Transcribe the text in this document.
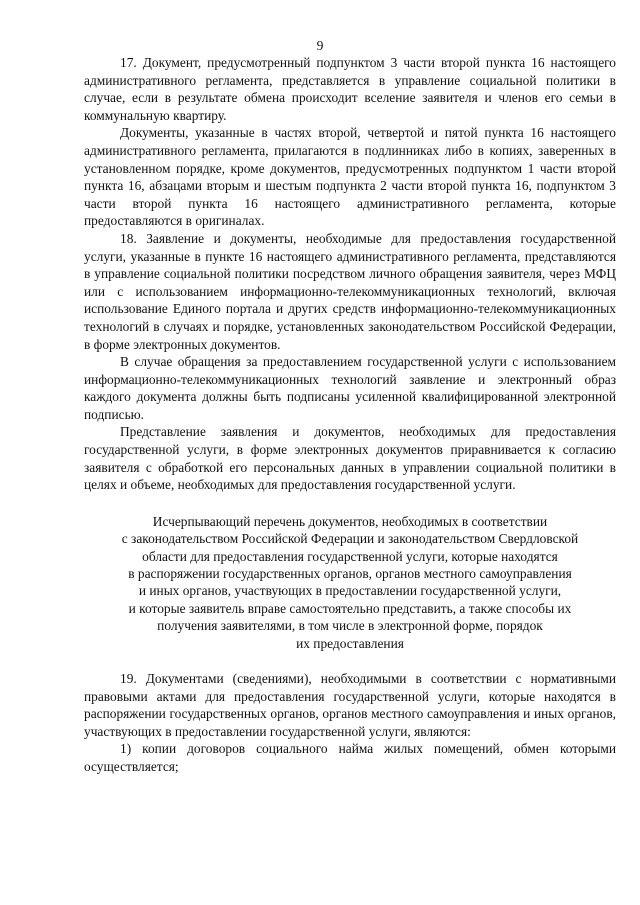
9

17. Документ, предусмотренный подпунктом 3 части второй пункта 16 настоящего административного регламента, представляется в управление социальной политики в случае, если в результате обмена происходит вселение заявителя и членов его семьи в коммунальную квартиру.

Документы, указанные в частях второй, четвертой и пятой пункта 16 настоящего административного регламента, прилагаются в подлинниках либо в копиях, заверенных в установленном порядке, кроме документов, предусмотренных подпунктом 1 части второй пункта 16, абзацами вторым и шестым подпункта 2 части второй пункта 16, подпунктом 3 части второй пункта 16 настоящего административного регламента, которые предоставляются в оригиналах.

18. Заявление и документы, необходимые для предоставления государственной услуги, указанные в пункте 16 настоящего административного регламента, представляются в управление социальной политики посредством личного обращения заявителя, через МФЦ или с использованием информационно-телекоммуникационных технологий, включая использование Единого портала и других средств информационно-телекоммуникационных технологий в случаях и порядке, установленных законодательством Российской Федерации, в форме электронных документов.

В случае обращения за предоставлением государственной услуги с использованием информационно-телекоммуникационных технологий заявление и электронный образ каждого документа должны быть подписаны усиленной квалифицированной электронной подписью.

Представление заявления и документов, необходимых для предоставления государственной услуги, в форме электронных документов приравнивается к согласию заявителя с обработкой его персональных данных в управлении социальной политики в целях и объеме, необходимых для предоставления государственной услуги.

Исчерпывающий перечень документов, необходимых в соответствии
с законодательством Российской Федерации и законодательством Свердловской
области для предоставления государственной услуги, которые находятся
в распоряжении государственных органов, органов местного самоуправления
и иных органов, участвующих в предоставлении государственной услуги,
и которые заявитель вправе самостоятельно представить, а также способы их
получения заявителями, в том числе в электронной форме, порядок
их предоставления

19. Документами (сведениями), необходимыми в соответствии с нормативными правовыми актами для предоставления государственной услуги, которые находятся в распоряжении государственных органов, органов местного самоуправления и иных органов, участвующих в предоставлении государственной услуги, являются:

1) копии договоров социального найма жилых помещений, обмен которыми осуществляется;
